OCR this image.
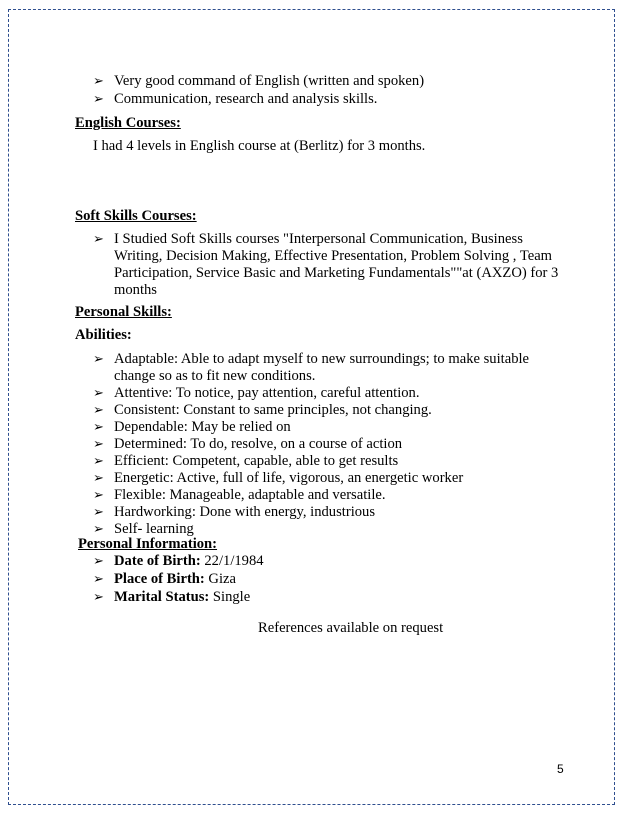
➢ Very good command of English (written and spoken)
➢ Communication, research and analysis skills.
English Courses:
I had 4 levels in English course at (Berlitz) for 3 months.
Soft Skills Courses:
➢ I Studied Soft Skills courses "Interpersonal Communication, Business
Writing, Decision Making, Effective Presentation, Problem Solving , Team
Participation, Service Basic and Marketing Fundamentals""at (AXZO) for 3
months
Personal Skills:
Abilities:
➢ Adaptable: Able to adapt myself to new surroundings; to make suitable
change so as to fit new conditions.
➢ Attentive: To notice, pay attention, careful attention.
➢ Consistent: Constant to same principles, not changing.
➢ Dependable: May be relied on
➢ Determined: To do, resolve, on a course of action
➢ Efficient: Competent, capable, able to get results
➢ Energetic: Active, full of life, vigorous, an energetic worker
➢ Flexible: Manageable, adaptable and versatile.
➢ Hardworking: Done with energy, industrious
➢ Self- learning
Personal Information:
➢ Date of Birth: 22/1/1984
➢ Place of Birth: Giza
➢ Marital Status: Single
References available on request
5
